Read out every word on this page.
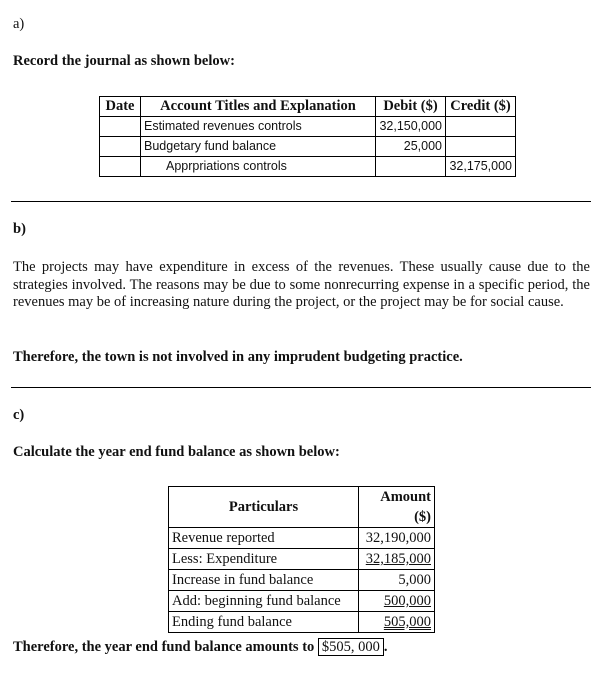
a)
Record the journal as shown below:
Date	Account Titles and Explanation	Debit ($)	Credit ($)
	Estimated revenues controls	32,150,000	
	Budgetary fund balance	25,000	
	Apprpriations controls		32,175,000
b)
The projects may have expenditure in excess of the revenues. These usually cause due to the strategies involved. The reasons may be due to some nonrecurring expense in a specific period, the revenues may be of increasing nature during the project, or the project may be for social cause.
Therefore, the town is not involved in any imprudent budgeting practice.
c)
Calculate the year end fund balance as shown below:
Particulars	Amount ($)
Revenue reported	32,190,000
Less: Expenditure	32,185,000
Increase in fund balance	5,000
Add: beginning fund balance	500,000
Ending fund balance	505,000
Therefore, the year end fund balance amounts to $505, 000 .
